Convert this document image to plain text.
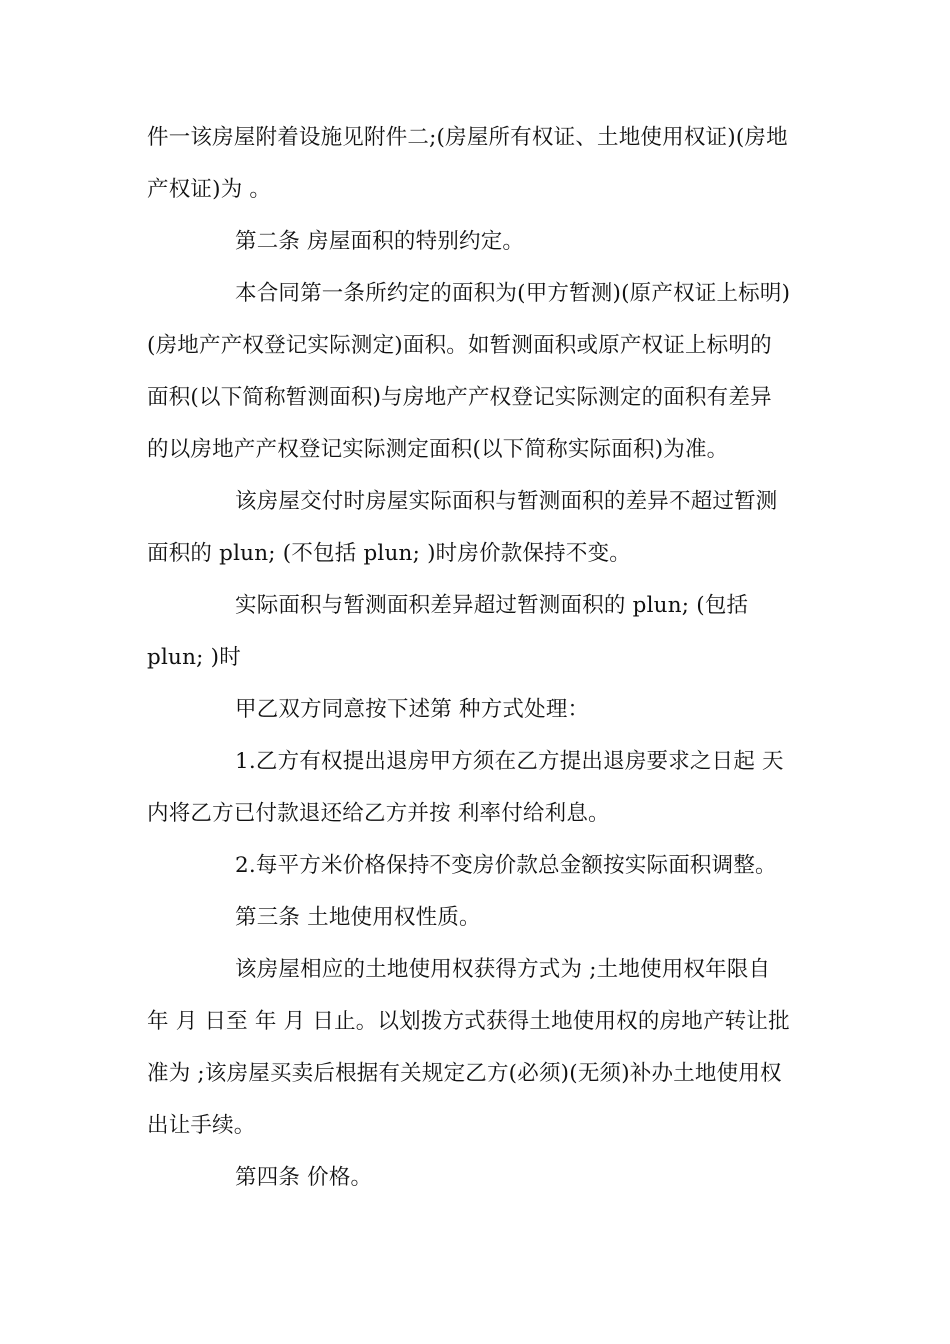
件一该房屋附着设施见附件二;(房屋所有权证、土地使用权证)(房地
产权证)为 。
第二条 房屋面积的特别约定。
本合同第一条所约定的面积为(甲方暂测)(原产权证上标明)
(房地产产权登记实际测定)面积。如暂测面积或原产权证上标明的
面积(以下简称暂测面积)与房地产产权登记实际测定的面积有差异
的以房地产产权登记实际测定面积(以下简称实际面积)为准。
该房屋交付时房屋实际面积与暂测面积的差异不超过暂测
面积的 plun; (不包括 plun; )时房价款保持不变。
实际面积与暂测面积差异超过暂测面积的 plun; (包括
plun; )时
甲乙双方同意按下述第 种方式处理：
1.乙方有权提出退房甲方须在乙方提出退房要求之日起 天
内将乙方已付款退还给乙方并按 利率付给利息。
2.每平方米价格保持不变房价款总金额按实际面积调整。
第三条 土地使用权性质。
该房屋相应的土地使用权获得方式为 ;土地使用权年限自
年 月 日至 年 月 日止。以划拨方式获得土地使用权的房地产转让批
准为 ;该房屋买卖后根据有关规定乙方(必须)(无须)补办土地使用权
出让手续。
第四条 价格。
